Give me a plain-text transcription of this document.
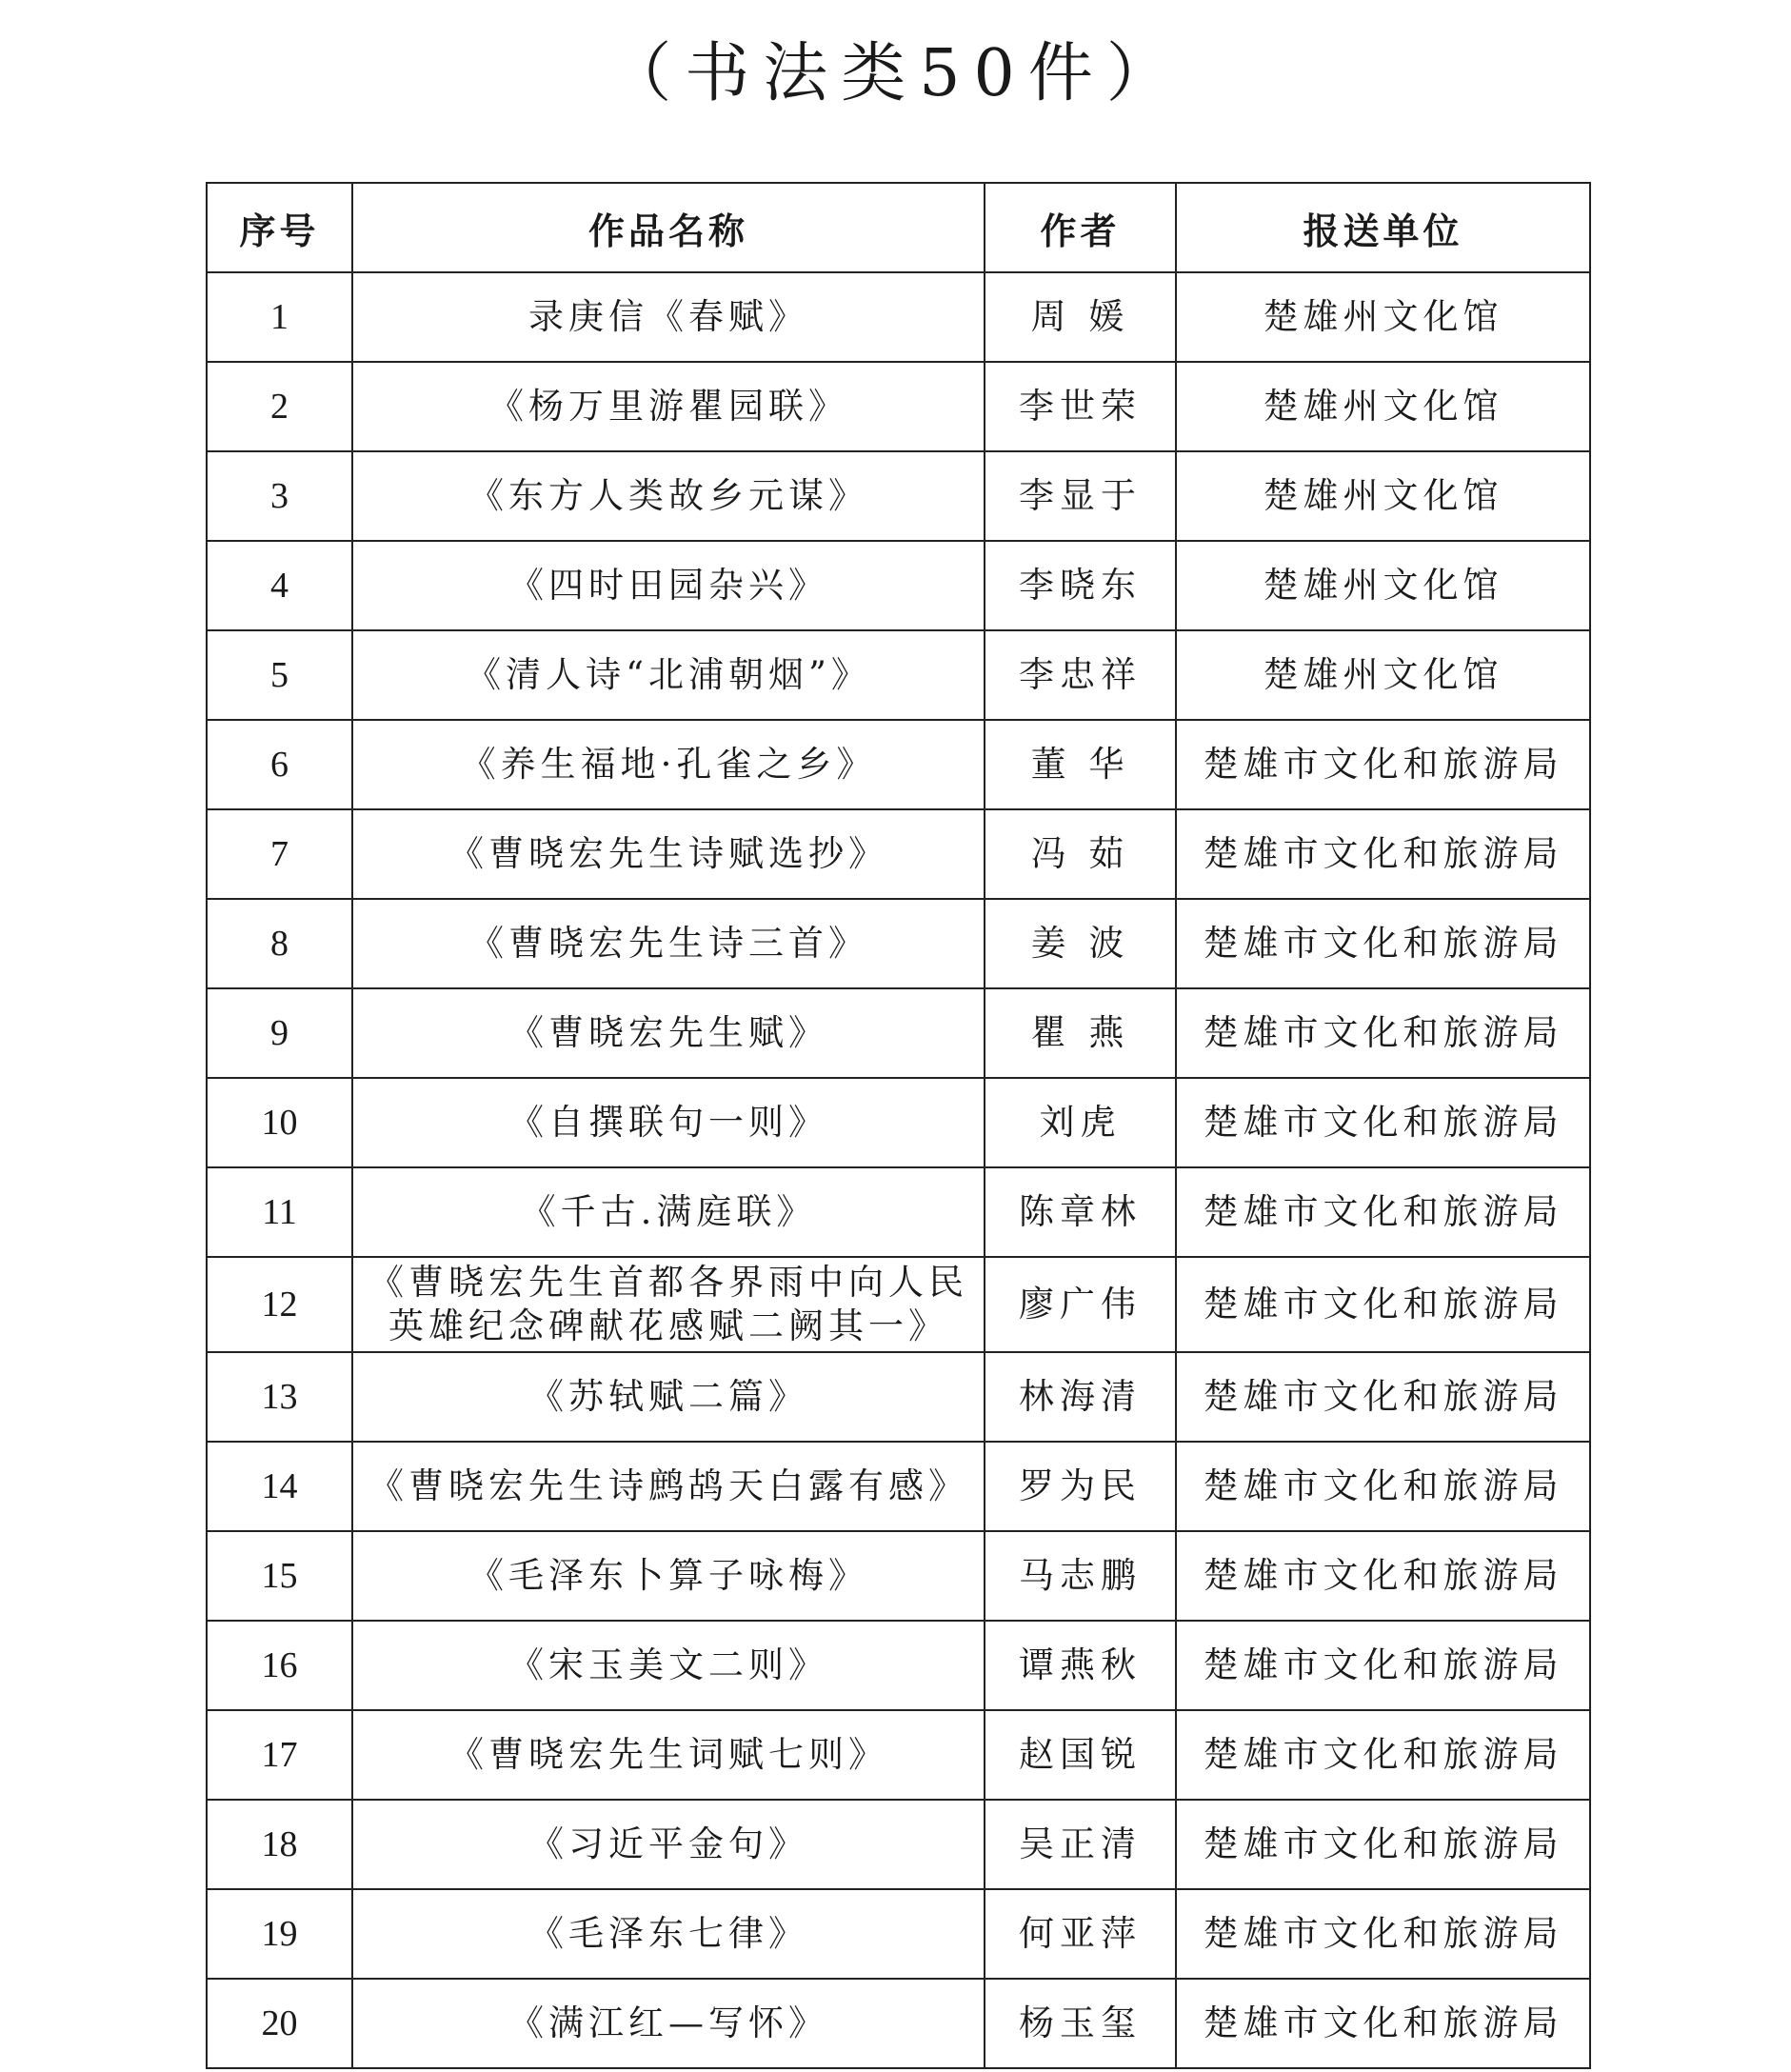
（书法类50件）
序号	作品名称	作者	报送单位
1	录庚信《春赋》	周 媛	楚雄州文化馆
2	《杨万里游瞿园联》	李世荣	楚雄州文化馆
3	《东方人类故乡元谋》	李显于	楚雄州文化馆
4	《四时田园杂兴》	李晓东	楚雄州文化馆
5	《清人诗“北浦朝烟”》	李忠祥	楚雄州文化馆
6	《养生福地·孔雀之乡》	董 华	楚雄市文化和旅游局
7	《曹晓宏先生诗赋选抄》	冯 茹	楚雄市文化和旅游局
8	《曹晓宏先生诗三首》	姜 波	楚雄市文化和旅游局
9	《曹晓宏先生赋》	瞿 燕	楚雄市文化和旅游局
10	《自撰联句一则》	刘虎	楚雄市文化和旅游局
11	《千古.满庭联》	陈章林	楚雄市文化和旅游局
12	《曹晓宏先生首都各界雨中向人民英雄纪念碑献花感赋二阙其一》	廖广伟	楚雄市文化和旅游局
13	《苏轼赋二篇》	林海清	楚雄市文化和旅游局
14	《曹晓宏先生诗鹧鸪天白露有感》	罗为民	楚雄市文化和旅游局
15	《毛泽东卜算子咏梅》	马志鹏	楚雄市文化和旅游局
16	《宋玉美文二则》	谭燕秋	楚雄市文化和旅游局
17	《曹晓宏先生词赋七则》	赵国锐	楚雄市文化和旅游局
18	《习近平金句》	吴正清	楚雄市文化和旅游局
19	《毛泽东七律》	何亚萍	楚雄市文化和旅游局
20	《满江红—写怀》	杨玉玺	楚雄市文化和旅游局
